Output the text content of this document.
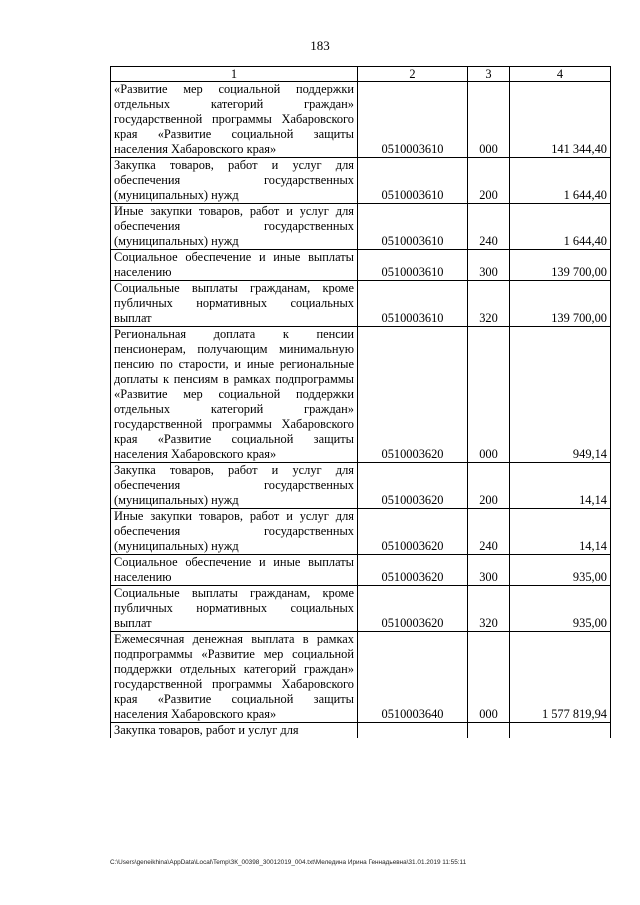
183
1	2	3	4
«Развитие мер социальной поддержки отдельных категорий граждан» государственной программы Хабаровского края «Развитие социальной защиты населения Хабаровского края»	0510003610	000	141 344,40
Закупка товаров, работ и услуг для обеспечения государственных (муниципальных) нужд	0510003610	200	1 644,40
Иные закупки товаров, работ и услуг для обеспечения государственных (муниципальных) нужд	0510003610	240	1 644,40
Социальное обеспечение и иные выплаты населению	0510003610	300	139 700,00
Социальные выплаты гражданам, кроме публичных нормативных социальных выплат	0510003610	320	139 700,00
Региональная доплата к пенсии пенсионерам, получающим минимальную пенсию по старости, и иные региональные доплаты к пенсиям в рамках подпрограммы «Развитие мер социальной поддержки отдельных категорий граждан» государственной программы Хабаровского края «Развитие социальной защиты населения Хабаровского края»	0510003620	000	949,14
Закупка товаров, работ и услуг для обеспечения государственных (муниципальных) нужд	0510003620	200	14,14
Иные закупки товаров, работ и услуг для обеспечения государственных (муниципальных) нужд	0510003620	240	14,14
Социальное обеспечение и иные выплаты населению	0510003620	300	935,00
Социальные выплаты гражданам, кроме публичных нормативных социальных выплат	0510003620	320	935,00
Ежемесячная денежная выплата в рамках подпрограммы «Развитие мер социальной поддержки отдельных категорий граждан» государственной программы Хабаровского края «Развитие социальной защиты населения Хабаровского края»	0510003640	000	1 577 819,94
Закупка товаров, работ и услуг для			
C:\Users\geneikhina\AppData\Local\Temp\ЗК_00398_30012019_004.txt\Меледина Ирина Геннадьевна\31.01.2019 11:55:11
